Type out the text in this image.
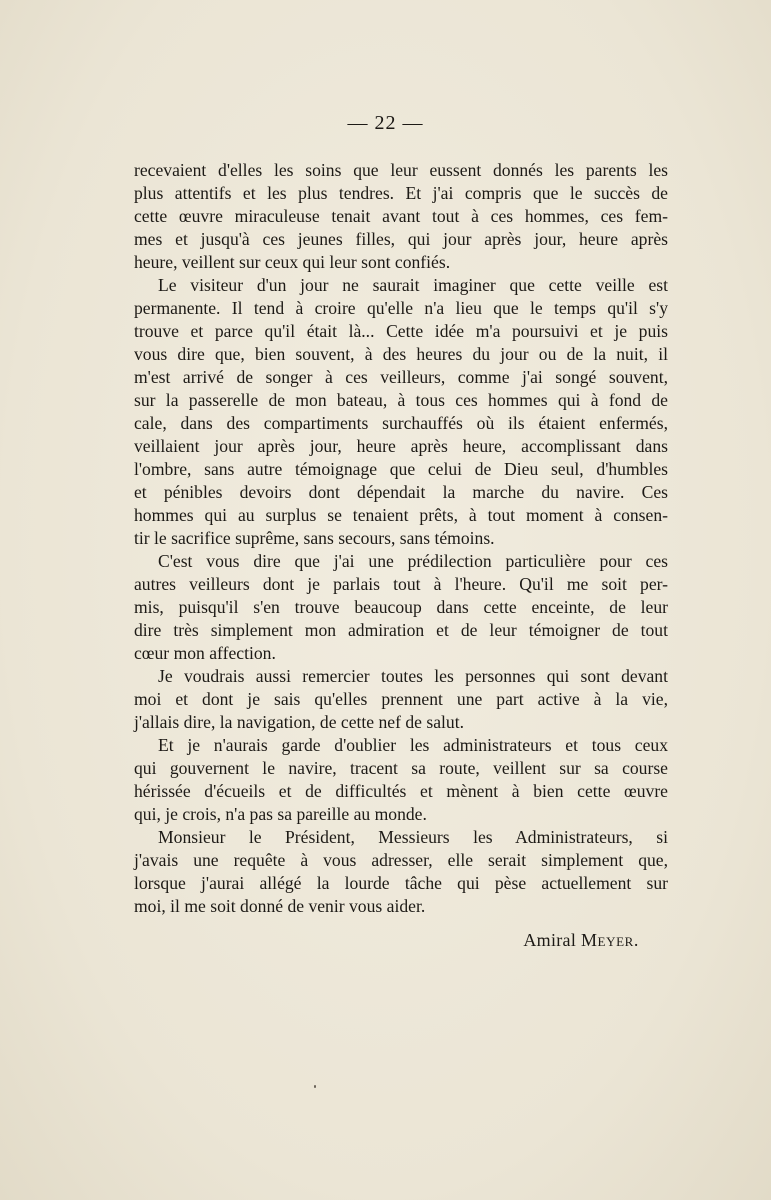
— 22 —
recevaient d'elles les soins que leur eussent donnés les parents les
plus attentifs et les plus tendres. Et j'ai compris que le succès de
cette œuvre miraculeuse tenait avant tout à ces hommes, ces fem-
mes et jusqu'à ces jeunes filles, qui jour après jour, heure après
heure, veillent sur ceux qui leur sont confiés.
Le visiteur d'un jour ne saurait imaginer que cette veille est
permanente. Il tend à croire qu'elle n'a lieu que le temps qu'il s'y
trouve et parce qu'il était là... Cette idée m'a poursuivi et je puis
vous dire que, bien souvent, à des heures du jour ou de la nuit, il
m'est arrivé de songer à ces veilleurs, comme j'ai songé souvent,
sur la passerelle de mon bateau, à tous ces hommes qui à fond de
cale, dans des compartiments surchauffés où ils étaient enfermés,
veillaient jour après jour, heure après heure, accomplissant dans
l'ombre, sans autre témoignage que celui de Dieu seul, d'humbles
et pénibles devoirs dont dépendait la marche du navire. Ces
hommes qui au surplus se tenaient prêts, à tout moment à consen-
tir le sacrifice suprême, sans secours, sans témoins.
C'est vous dire que j'ai une prédilection particulière pour ces
autres veilleurs dont je parlais tout à l'heure. Qu'il me soit per-
mis, puisqu'il s'en trouve beaucoup dans cette enceinte, de leur
dire très simplement mon admiration et de leur témoigner de tout
cœur mon affection.
Je voudrais aussi remercier toutes les personnes qui sont devant
moi et dont je sais qu'elles prennent une part active à la vie,
j'allais dire, la navigation, de cette nef de salut.
Et je n'aurais garde d'oublier les administrateurs et tous ceux
qui gouvernent le navire, tracent sa route, veillent sur sa course
hérissée d'écueils et de difficultés et mènent à bien cette œuvre
qui, je crois, n'a pas sa pareille au monde.
Monsieur le Président, Messieurs les Administrateurs, si
j'avais une requête à vous adresser, elle serait simplement que,
lorsque j'aurai allégé la lourde tâche qui pèse actuellement sur
moi, il me soit donné de venir vous aider.
Amiral Meyer.
